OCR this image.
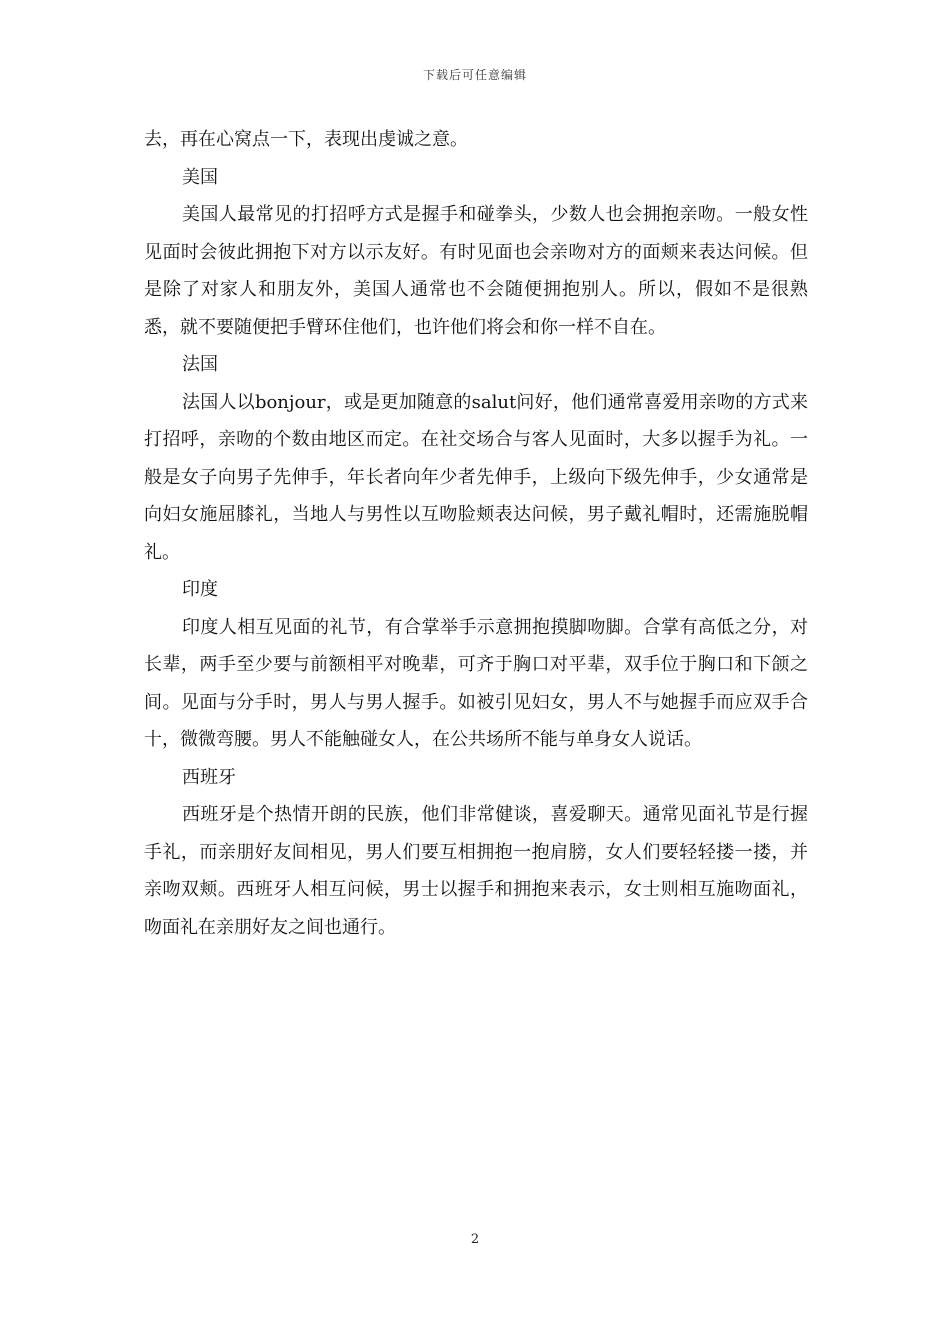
下载后可任意编辑

去，再在心窝点一下，表现出虔诚之意。

美国

美国人最常见的打招呼方式是握手和碰拳头，少数人也会拥抱亲吻。一般女性见面时会彼此拥抱下对方以示友好。有时见面也会亲吻对方的面颊来表达问候。但是除了对家人和朋友外，美国人通常也不会随便拥抱别人。所以，假如不是很熟悉，就不要随便把手臂环住他们，也许他们将会和你一样不自在。

法国

法国人以bonjour，或是更加随意的salut问好，他们通常喜爱用亲吻的方式来打招呼，亲吻的个数由地区而定。在社交场合与客人见面时，大多以握手为礼。一般是女子向男子先伸手，年长者向年少者先伸手，上级向下级先伸手，少女通常是向妇女施屈膝礼，当地人与男性以互吻脸颊表达问候，男子戴礼帽时，还需施脱帽礼。

印度

印度人相互见面的礼节，有合掌举手示意拥抱摸脚吻脚。合掌有高低之分，对长辈，两手至少要与前额相平对晚辈，可齐于胸口对平辈，双手位于胸口和下颌之间。见面与分手时，男人与男人握手。如被引见妇女，男人不与她握手而应双手合十，微微弯腰。男人不能触碰女人，在公共场所不能与单身女人说话。

西班牙

西班牙是个热情开朗的民族，他们非常健谈，喜爱聊天。通常见面礼节是行握手礼，而亲朋好友间相见，男人们要互相拥抱一抱肩膀，女人们要轻轻搂一搂，并亲吻双颊。西班牙人相互问候，男士以握手和拥抱来表示，女士则相互施吻面礼，吻面礼在亲朋好友之间也通行。

2
